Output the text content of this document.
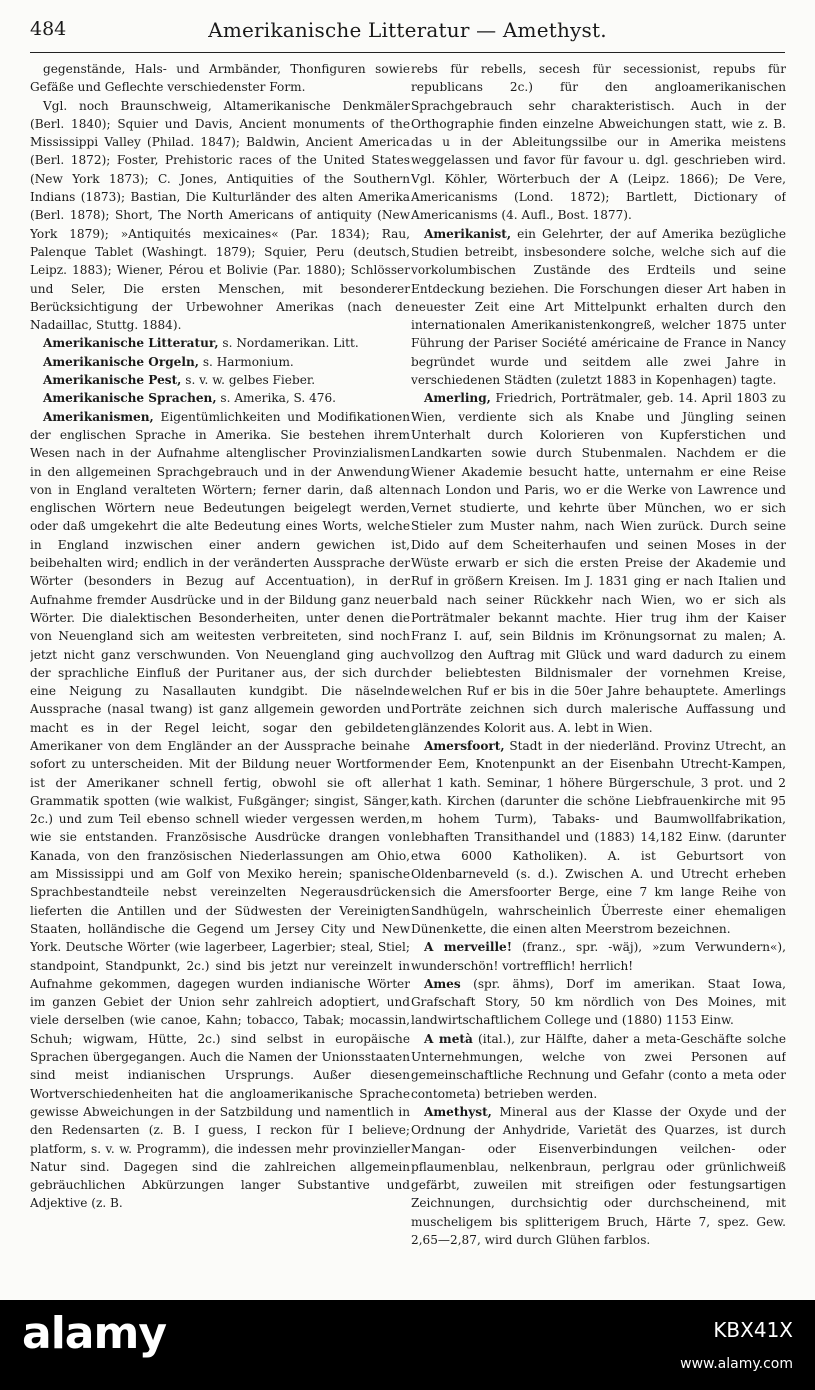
484	Amerikanische Litteratur — Amethyst.

gegenstände, Hals- und Armbänder, Thonfiguren sowie Gefäße und Geflechte verschiedenster Form.

Vgl. noch Braunschweig, Altamerikanische Denkmäler (Berl. 1840); Squier und Davis, Ancient monuments of the Mississippi Valley (Philad. 1847); Baldwin, Ancient America (Berl. 1872); Foster, Prehistoric races of the United States (New York 1873); C. Jones, Antiquities of the Southern Indians (1873); Bastian, Die Kulturländer des alten Amerika (Berl. 1878); Short, The North Americans of antiquity (New York 1879); »Antiquités mexicaines« (Par. 1834); Rau, Palenque Tablet (Washingt. 1879); Squier, Peru (deutsch, Leipz. 1883); Wiener, Pérou et Bolivie (Par. 1880); Schlösser und Seler, Die ersten Menschen, mit besonderer Berücksichtigung der Urbewohner Amerikas (nach de Nadaillac, Stuttg. 1884).

Amerikanische Litteratur, s. Nordamerikan. Litt.

Amerikanische Orgeln, s. Harmonium.

Amerikanische Pest, s. v. w. gelbes Fieber.

Amerikanische Sprachen, s. Amerika, S. 476.

Amerikanismen, Eigentümlichkeiten und Modifikationen der englischen Sprache in Amerika. Sie bestehen ihrem Wesen nach in der Aufnahme altenglischer Provinzialismen in den allgemeinen Sprachgebrauch und in der Anwendung von in England veralteten Wörtern; ferner darin, daß alten englischen Wörtern neue Bedeutungen beigelegt werden, oder daß umgekehrt die alte Bedeutung eines Worts, welche in England inzwischen einer andern gewichen ist, beibehalten wird; endlich in der veränderten Aussprache der Wörter (besonders in Bezug auf Accentuation), in der Aufnahme fremder Ausdrücke und in der Bildung ganz neuer Wörter. Die dialektischen Besonderheiten, unter denen die von Neuengland sich am weitesten verbreiteten, sind noch jetzt nicht ganz verschwunden. Von Neuengland ging auch der sprachliche Einfluß der Puritaner aus, der sich durch eine Neigung zu Nasallauten kundgibt. Die näselnde Aussprache (nasal twang) ist ganz allgemein geworden und macht es in der Regel leicht, sogar den gebildeten Amerikaner von dem Engländer an der Aussprache beinahe sofort zu unterscheiden. Mit der Bildung neuer Wortformen ist der Amerikaner schnell fertig, obwohl sie oft aller Grammatik spotten (wie walkist, Fußgänger; singist, Sänger, 2c.) und zum Teil ebenso schnell wieder vergessen werden, wie sie entstanden. Französische Ausdrücke drangen von Kanada, von den französischen Niederlassungen am Ohio, am Mississippi und am Golf von Mexiko herein; spanische Sprachbestandteile nebst vereinzelten Negerausdrücken lieferten die Antillen und der Südwesten der Vereinigten Staaten, holländische die Gegend um Jersey City und New York. Deutsche Wörter (wie lagerbeer, Lagerbier; steal, Stiel; standpoint, Standpunkt, 2c.) sind bis jetzt nur vereinzelt in Aufnahme gekommen, dagegen wurden indianische Wörter im ganzen Gebiet der Union sehr zahlreich adoptiert, und viele derselben (wie canoe, Kahn; tobacco, Tabak; mocassin, Schuh; wigwam, Hütte, 2c.) sind selbst in europäische Sprachen übergegangen. Auch die Namen der Unionsstaaten sind meist indianischen Ursprungs. Außer diesen Wortverschiedenheiten hat die angloamerikanische Sprache gewisse Abweichungen in der Satzbildung und namentlich in den Redensarten (z. B. I guess, I reckon für I believe; platform, s. v. w. Programm), die indessen mehr provinzieller Natur sind. Dagegen sind die zahlreichen allgemein gebräuchlichen Abkürzungen langer Substantive und Adjektive (z. B.

rebs für rebells, secesh für secessionist, repubs für republicans 2c.) für den angloamerikanischen Sprachgebrauch sehr charakteristisch. Auch in der Orthographie finden einzelne Abweichungen statt, wie z. B. das u in der Ableitungssilbe our in Amerika meistens weggelassen und favor für favour u. dgl. geschrieben wird. Vgl. Köhler, Wörterbuch der A (Leipz. 1866); De Vere, Americanisms (Lond. 1872); Bartlett, Dictionary of Americanisms (4. Aufl., Bost. 1877).

Amerikanist, ein Gelehrter, der auf Amerika bezügliche Studien betreibt, insbesondere solche, welche sich auf die vorkolumbischen Zustände des Erdteils und seine Entdeckung beziehen. Die Forschungen dieser Art haben in neuester Zeit eine Art Mittelpunkt erhalten durch den internationalen Amerikanistenkongreß, welcher 1875 unter Führung der Pariser Société américaine de France in Nancy begründet wurde und seitdem alle zwei Jahre in verschiedenen Städten (zuletzt 1883 in Kopenhagen) tagte.

Amerling, Friedrich, Porträtmaler, geb. 14. April 1803 zu Wien, verdiente sich als Knabe und Jüngling seinen Unterhalt durch Kolorieren von Kupferstichen und Landkarten sowie durch Stubenmalen. Nachdem er die Wiener Akademie besucht hatte, unternahm er eine Reise nach London und Paris, wo er die Werke von Lawrence und Vernet studierte, und kehrte über München, wo er sich Stieler zum Muster nahm, nach Wien zurück. Durch seine Dido auf dem Scheiterhaufen und seinen Moses in der Wüste erwarb er sich die ersten Preise der Akademie und Ruf in größern Kreisen. Im J. 1831 ging er nach Italien und bald nach seiner Rückkehr nach Wien, wo er sich als Porträtmaler bekannt machte. Hier trug ihm der Kaiser Franz I. auf, sein Bildnis im Krönungsornat zu malen; A. vollzog den Auftrag mit Glück und ward dadurch zu einem der beliebtesten Bildnismaler der vornehmen Kreise, welchen Ruf er bis in die 50er Jahre behauptete. Amerlings Porträte zeichnen sich durch malerische Auffassung und glänzendes Kolorit aus. A. lebt in Wien.

Amersfoort, Stadt in der niederländ. Provinz Utrecht, an der Eem, Knotenpunkt an der Eisenbahn Utrecht-Kampen, hat 1 kath. Seminar, 1 höhere Bürgerschule, 3 prot. und 2 kath. Kirchen (darunter die schöne Liebfrauenkirche mit 95 m hohem Turm), Tabaks- und Baumwollfabrikation, lebhaften Transithandel und (1883) 14,182 Einw. (darunter etwa 6000 Katholiken). A. ist Geburtsort von Oldenbarneveld (s. d.). Zwischen A. und Utrecht erheben sich die Amersfoorter Berge, eine 7 km lange Reihe von Sandhügeln, wahrscheinlich Überreste einer ehemaligen Dünenkette, die einen alten Meerstrom bezeichnen.

A merveille! (franz., spr. -wäj), »zum Verwundern«), wunderschön! vortrefflich! herrlich!

Ames (spr. ähms), Dorf im amerikan. Staat Iowa, Grafschaft Story, 50 km nördlich von Des Moines, mit landwirtschaftlichem College und (1880) 1153 Einw.

A metà (ital.), zur Hälfte, daher a meta-Geschäfte solche Unternehmungen, welche von zwei Personen auf gemeinschaftliche Rechnung und Gefahr (conto a meta oder contometa) betrieben werden.

Amethyst, Mineral aus der Klasse der Oxyde und der Ordnung der Anhydride, Varietät des Quarzes, ist durch Mangan- oder Eisenverbindungen veilchen- oder pflaumenblau, nelkenbraun, perlgrau oder grünlichweiß gefärbt, zuweilen mit streifigen oder festungsartigen Zeichnungen, durchsichtig oder durchscheinend, mit muscheligem bis splitterigem Bruch, Härte 7, spez. Gew. 2,65—2,87, wird durch Glühen farblos.

alamy	KBX41X
www.alamy.com
